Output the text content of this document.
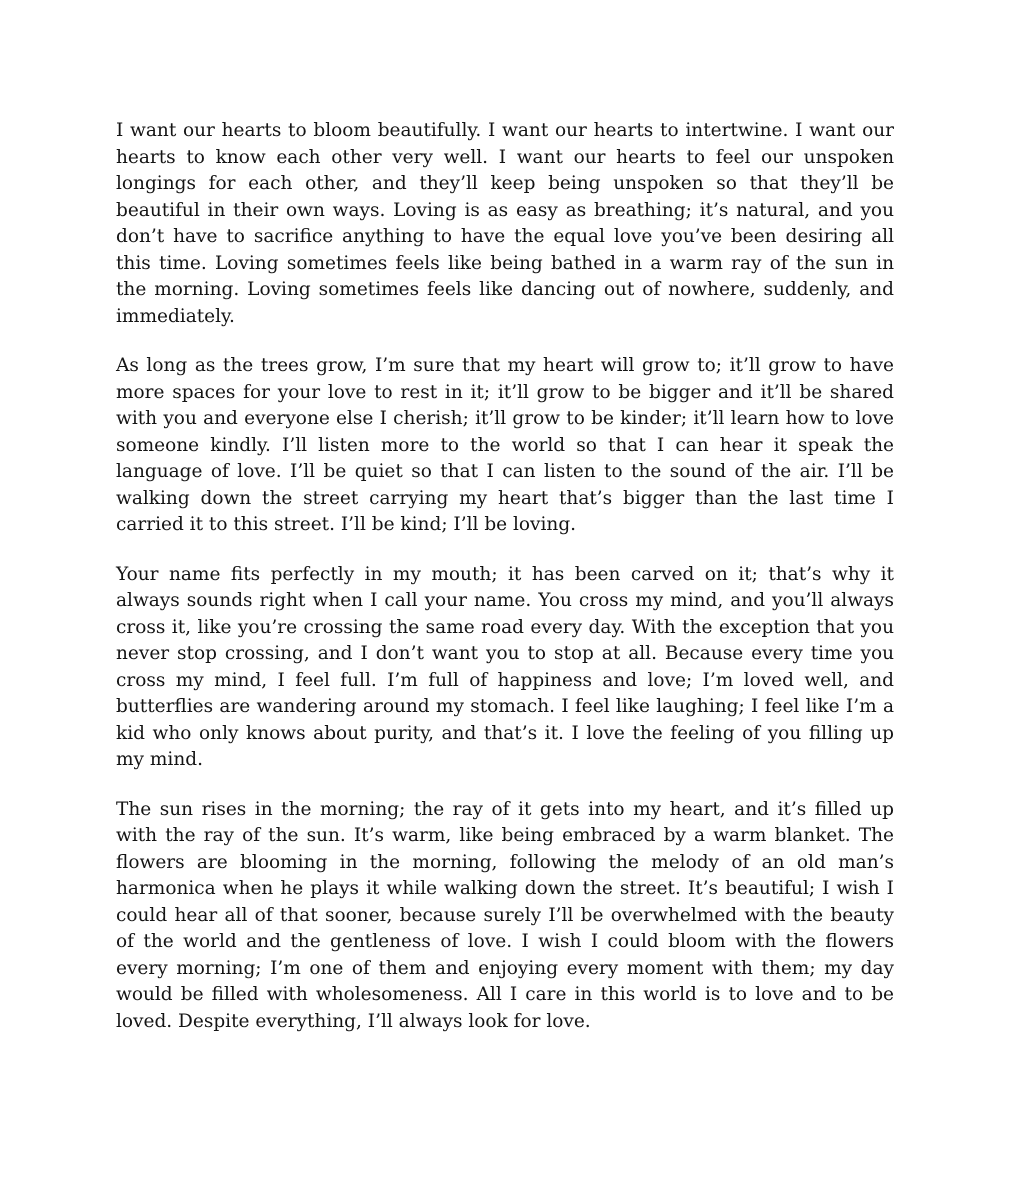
I want our hearts to bloom beautifully. I want our hearts to intertwine. I want our hearts to know each other very well. I want our hearts to feel our unspoken longings for each other, and they’ll keep being unspoken so that they’ll be beautiful in their own ways. Loving is as easy as breathing; it’s natural, and you don’t have to sacrifice anything to have the equal love you’ve been desiring all this time. Loving sometimes feels like being bathed in a warm ray of the sun in the morning. Loving sometimes feels like dancing out of nowhere, suddenly, and immediately.

As long as the trees grow, I’m sure that my heart will grow to; it’ll grow to have more spaces for your love to rest in it; it’ll grow to be bigger and it’ll be shared with you and everyone else I cherish; it’ll grow to be kinder; it’ll learn how to love someone kindly. I’ll listen more to the world so that I can hear it speak the language of love. I’ll be quiet so that I can listen to the sound of the air. I’ll be walking down the street carrying my heart that’s bigger than the last time I carried it to this street. I’ll be kind; I’ll be loving.

Your name fits perfectly in my mouth; it has been carved on it; that’s why it always sounds right when I call your name. You cross my mind, and you’ll always cross it, like you’re crossing the same road every day. With the exception that you never stop crossing, and I don’t want you to stop at all. Because every time you cross my mind, I feel full. I’m full of happiness and love; I’m loved well, and butterflies are wandering around my stomach. I feel like laughing; I feel like I’m a kid who only knows about purity, and that’s it. I love the feeling of you filling up my mind.

The sun rises in the morning; the ray of it gets into my heart, and it’s filled up with the ray of the sun. It’s warm, like being embraced by a warm blanket. The flowers are blooming in the morning, following the melody of an old man’s harmonica when he plays it while walking down the street. It’s beautiful; I wish I could hear all of that sooner, because surely I’ll be overwhelmed with the beauty of the world and the gentleness of love. I wish I could bloom with the flowers every morning; I’m one of them and enjoying every moment with them; my day would be filled with wholesomeness. All I care in this world is to love and to be loved. Despite everything, I’ll always look for love.
